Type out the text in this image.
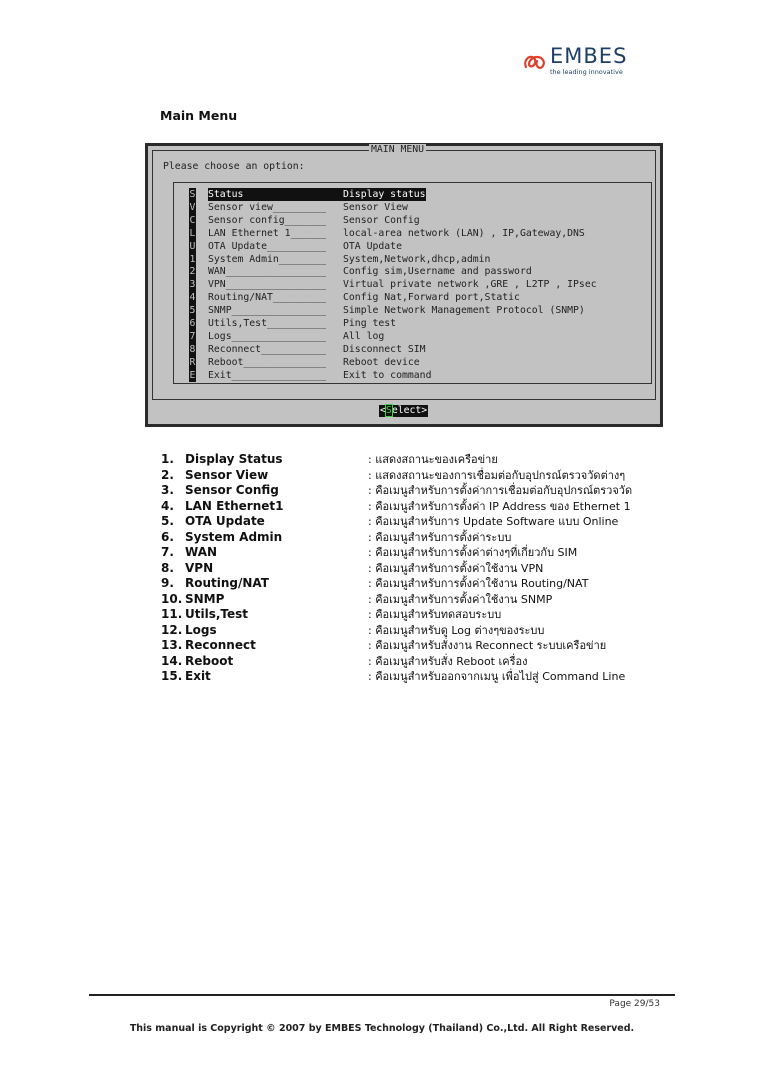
EMBES
the leading innovative
Main Menu
MAIN MENU
Please choose an option:
S Status	Display status
V Sensor view_________	Sensor View
C Sensor config_______	Sensor Config
L LAN Ethernet 1______	local-area network (LAN) , IP,Gateway,DNS
U OTA Update__________	OTA Update
1 System Admin________	System,Network,dhcp,admin
2 WAN_________________	Config sim,Username and password
3 VPN_________________	Virtual private network ,GRE , L2TP , IPsec
4 Routing/NAT_________	Config Nat,Forward port,Static
5 SNMP________________	Simple Network Management Protocol (SNMP)
6 Utils,Test__________	Ping test
7 Logs________________	All log
8 Reconnect___________	Disconnect SIM
R Reboot______________	Reboot device
E Exit________________	Exit to command
<Select>
1. Display Status	: แสดงสถานะของเครือข่าย
2. Sensor View	: แสดงสถานะของการเชื่อมต่อกับอุปกรณ์ตรวจวัดต่างๆ
3. Sensor Config	: คือเมนูสำหรับการตั้งค่าการเชื่อมต่อกับอุปกรณ์ตรวจวัด
4. LAN Ethernet1	: คือเมนูสำหรับการตั้งค่า IP Address ของ Ethernet 1
5. OTA Update	: คือเมนูสำหรับการ Update Software แบบ Online
6. System Admin	: คือเมนูสำหรับการตั้งค่าระบบ
7. WAN	: คือเมนูสำหรับการตั้งค่าต่างๆที่เกี่ยวกับ SIM
8. VPN	: คือเมนูสำหรับการตั้งค่าใช้งาน VPN
9. Routing/NAT	: คือเมนูสำหรับการตั้งค่าใช้งาน Routing/NAT
10. SNMP	: คือเมนูสำหรับการตั้งค่าใช้งาน SNMP
11. Utils,Test	: คือเมนูสำหรับทดสอบระบบ
12. Logs	: คือเมนูสำหรับดู Log ต่างๆของระบบ
13. Reconnect	: คือเมนูสำหรับสั่งงาน Reconnect ระบบเครือข่าย
14. Reboot	: คือเมนูสำหรับสั่ง Reboot เครื่อง
15. Exit	: คือเมนูสำหรับออกจากเมนู เพื่อไปสู่ Command Line
Page 29/53
This manual is Copyright © 2007 by EMBES Technology (Thailand) Co.,Ltd. All Right Reserved.
